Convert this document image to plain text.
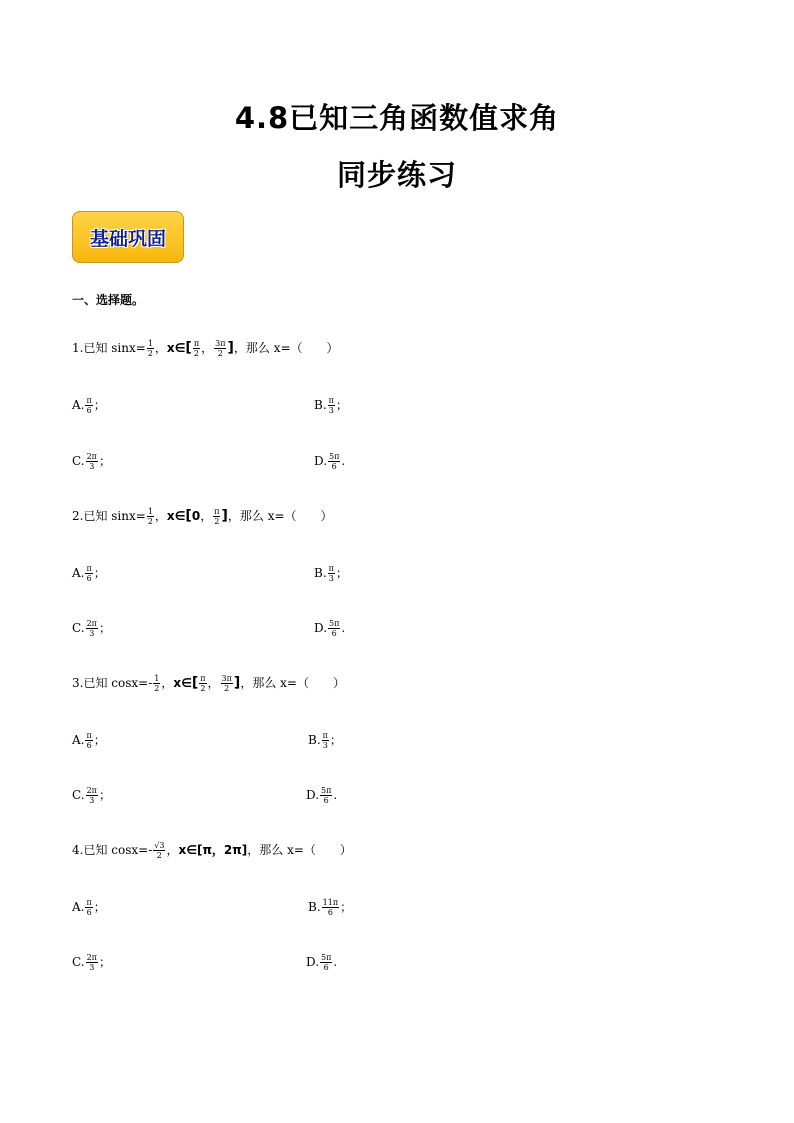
4.8已知三角函数值求角
同步练习
基础巩固
一、选择题。
1.已知 $\sin x= \frac{1}{2}$ ， x∈ [ $\frac{\pi}{2}$ ， $\frac{3\pi}{2}$ ] ，那么 x=（　　）
A. $\frac{\pi}{6}$ ；	B. $\frac{\pi}{3}$ ；
C. $\frac{2\pi}{3}$ ；	D. $\frac{5\pi}{6}$ .
2.已知 $\sin x= \frac{1}{2}$ ， x∈ [ 0 ， $\frac{\pi}{2}$ ] ，那么 x=（　　）
A. $\frac{\pi}{6}$ ；	B. $\frac{\pi}{3}$ ；
C. $\frac{2\pi}{3}$ ；	D. $\frac{5\pi}{6}$ .
3.已知 $\cos x=- \frac{1}{2}$ ， x∈ [ $\frac{\pi}{2}$ ， $\frac{3\pi}{2}$ ] ，那么 x=（　　）
A. $\frac{\pi}{6}$ ；	B. $\frac{\pi}{3}$ ；
C. $\frac{2\pi}{3}$ ；	D. $\frac{5\pi}{6}$ .
4.已知 $\cos x=- \frac{√3}{2}$ ， x∈ [π，2π] ，那么 x=（　　）
A. $\frac{\pi}{6}$ ；	B. $\frac{11\pi}{6}$ ；
C. $\frac{2\pi}{3}$ ；	D. $\frac{5\pi}{6}$ .
